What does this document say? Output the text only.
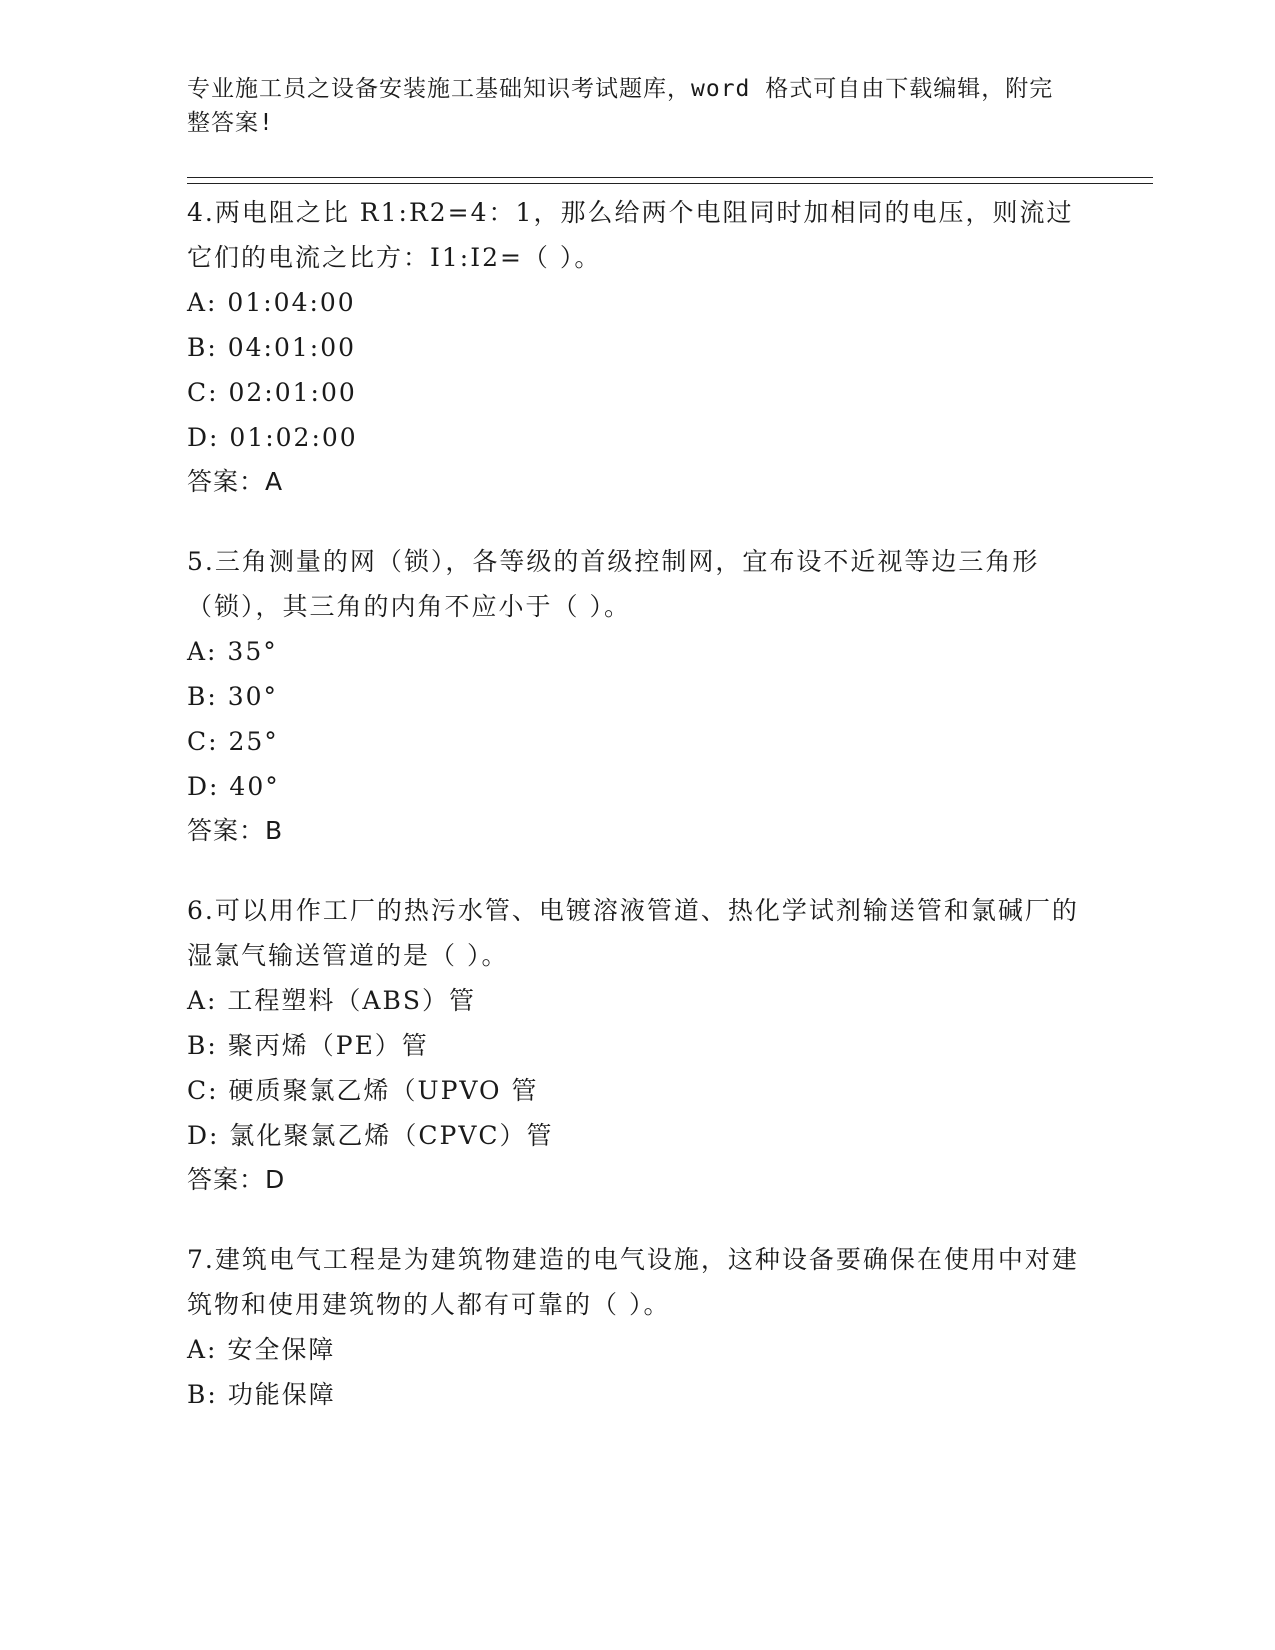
专业施工员之设备安装施工基础知识考试题库，word 格式可自由下载编辑，附完整答案!

4.两电阻之比 R1:R2=4：1，那么给两个电阻同时加相同的电压，则流过它们的电流之比方：I1:I2=（ ）。

A: 01:04:00

B: 04:01:00

C: 02:01:00

D: 01:02:00

答案：A

5.三角测量的网（锁），各等级的首级控制网，宜布设不近视等边三角形（锁），其三角的内角不应小于（ ）。

A: 35°

B: 30°

C: 25°

D: 40°

答案：B

6.可以用作工厂的热污水管、电镀溶液管道、热化学试剂输送管和氯碱厂的湿氯气输送管道的是（ ）。

A: 工程塑料（ABS）管

B: 聚丙烯（PE）管

C: 硬质聚氯乙烯（UPVO 管

D: 氯化聚氯乙烯（CPVC）管

答案：D

7.建筑电气工程是为建筑物建造的电气设施，这种设备要确保在使用中对建筑物和使用建筑物的人都有可靠的（ ）。

A: 安全保障

B: 功能保障
